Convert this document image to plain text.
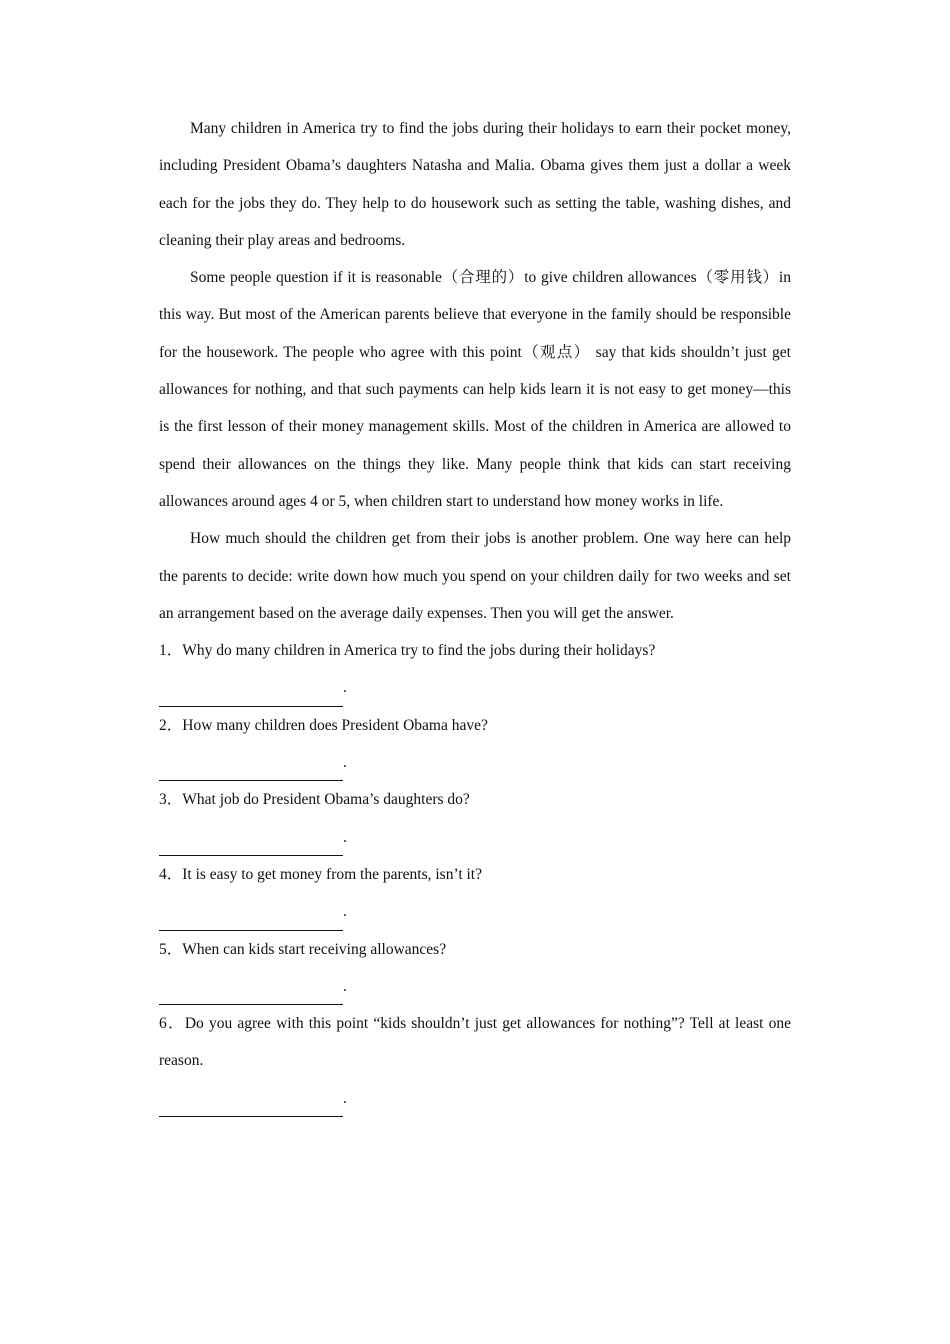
Many children in America try to find the jobs during their holidays to earn their pocket money, including President Obama’s daughters Natasha and Malia. Obama gives them just a dollar a week each for the jobs they do. They help to do housework such as setting the table, washing dishes, and cleaning their play areas and bedrooms.

Some people question if it is reasonable（合理的）to give children allowances（零用钱）in this way. But most of the American parents believe that everyone in the family should be responsible for the housework. The people who agree with this point（观点） say that kids shouldn’t just get allowances for nothing, and that such payments can help kids learn it is not easy to get money—this is the first lesson of their money management skills. Most of the children in America are allowed to spend their allowances on the things they like. Many people think that kids can start receiving allowances around ages 4 or 5, when children start to understand how money works in life.

How much should the children get from their jobs is another problem. One way here can help the parents to decide: write down how much you spend on your children daily for two weeks and set an arrangement based on the average daily expenses. Then you will get the answer.

1．Why do many children in America try to find the jobs during their holidays?

.

2．How many children does President Obama have?

.

3．What job do President Obama’s daughters do?

.

4．It is easy to get money from the parents, isn’t it?

.

5．When can kids start receiving allowances?

.

6．Do you agree with this point “kids shouldn’t just get allowances for nothing”? Tell at least one reason.

.
